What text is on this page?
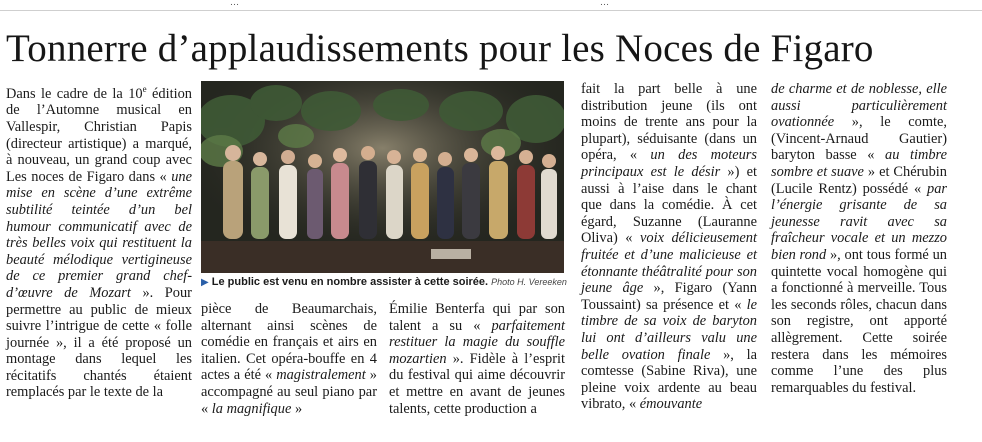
…	…
Tonnerre d’applaudissements pour les Noces de Figaro

Dans le cadre de la 10e édition de l’Automne musical en Vallespir, Christian Papis (directeur artistique) a marqué, à nouveau, un grand coup avec Les noces de Figaro dans « une mise en scène d’une extrême subtilité teintée d’un bel humour communicatif avec de très belles voix qui restituent la beauté mélodique vertigineuse de ce premier grand chef-d’œuvre de Mozart ». Pour permettre au public de mieux suivre l’intrigue de cette « folle journée », il a été proposé un montage dans lequel les récitatifs chantés étaient remplacés par le texte de la

▶ Le public est venu en nombre assister à cette soirée. Photo H. Vereeken

pièce de Beaumarchais, alternant ainsi scènes de comédie en français et airs en italien. Cet opéra-bouffe en 4 actes a été « magistralement » accompagné au seul piano par « la magnifique »

Émilie Benterfa qui par son talent a su « parfaitement restituer la magie du souffle mozartien ». Fidèle à l’esprit du festival qui aime découvrir et mettre en avant de jeunes talents, cette production a

fait la part belle à une distribution jeune (ils ont moins de trente ans pour la plupart), séduisante (dans un opéra, « un des moteurs principaux est le désir ») et aussi à l’aise dans le chant que dans la comédie. À cet égard, Suzanne (Lauranne Oliva) « voix délicieusement fruitée et d’une malicieuse et étonnante théâtralité pour son jeune âge », Figaro (Yann Toussaint) sa présence et « le timbre de sa voix de baryton lui ont d’ailleurs valu une belle ovation finale », la comtesse (Sabine Riva), une pleine voix ardente au beau vibrato, « émouvante

de charme et de noblesse, elle aussi particulièrement ovationnée », le comte, (Vincent-Arnaud Gautier) baryton basse « au timbre sombre et suave » et Chérubin (Lucile Rentz) possédé « par l’énergie grisante de sa jeunesse ravit avec sa fraîcheur vocale et un mezzo bien rond », ont tous formé un quintette vocal homogène qui a fonctionné à merveille. Tous les seconds rôles, chacun dans son registre, ont apporté allègrement. Cette soirée restera dans les mémoires comme l’une des plus remarquables du festival.
